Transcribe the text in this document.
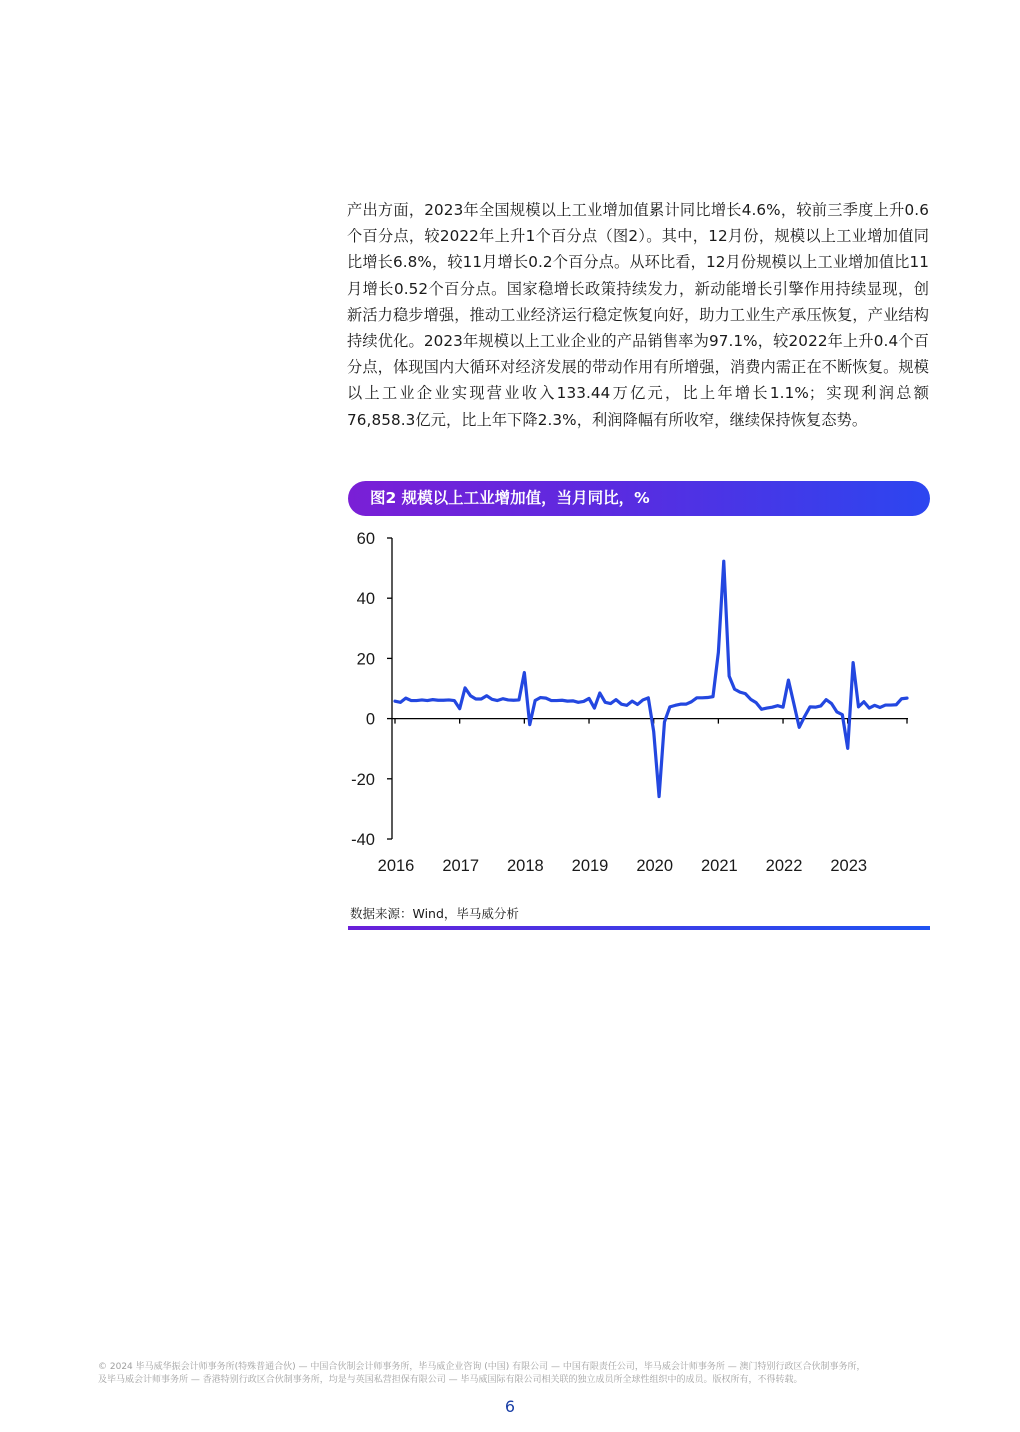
产出方面，2023年全国规模以上工业增加值累计同比增长4.6%，较前三季度上升0.6个百分点，较2022年上升1个百分点（图2）。其中，12月份，规模以上工业增加值同比增长6.8%，较11月增长0.2个百分点。从环比看，12月份规模以上工业增加值比11月增长0.52个百分点。国家稳增长政策持续发力，新动能增长引擎作用持续显现，创新活力稳步增强，推动工业经济运行稳定恢复向好，助力工业生产承压恢复，产业结构持续优化。2023年规模以上工业企业的产品销售率为97.1%，较2022年上升0.4个百分点，体现国内大循环对经济发展的带动作用有所增强，消费内需正在不断恢复。规模以上工业企业实现营业收入133.44万亿元，比上年增长1.1%；实现利润总额76,858.3亿元，比上年下降2.3%，利润降幅有所收窄，继续保持恢复态势。

图2 规模以上工业增加值，当月同比，%
60
40
20
0
-20
-40
2016 2017 2018 2019 2020 2021 2022 2023
数据来源：Wind，毕马威分析

© 2024 毕马威华振会计师事务所(特殊普通合伙) — 中国合伙制会计师事务所，毕马威企业咨询 (中国) 有限公司 — 中国有限责任公司，毕马威会计师事务所 — 澳门特别行政区合伙制事务所，
及毕马威会计师事务所 — 香港特别行政区合伙制事务所，均是与英国私营担保有限公司 — 毕马威国际有限公司相关联的独立成员所全球性组织中的成员。版权所有，不得转载。

6
